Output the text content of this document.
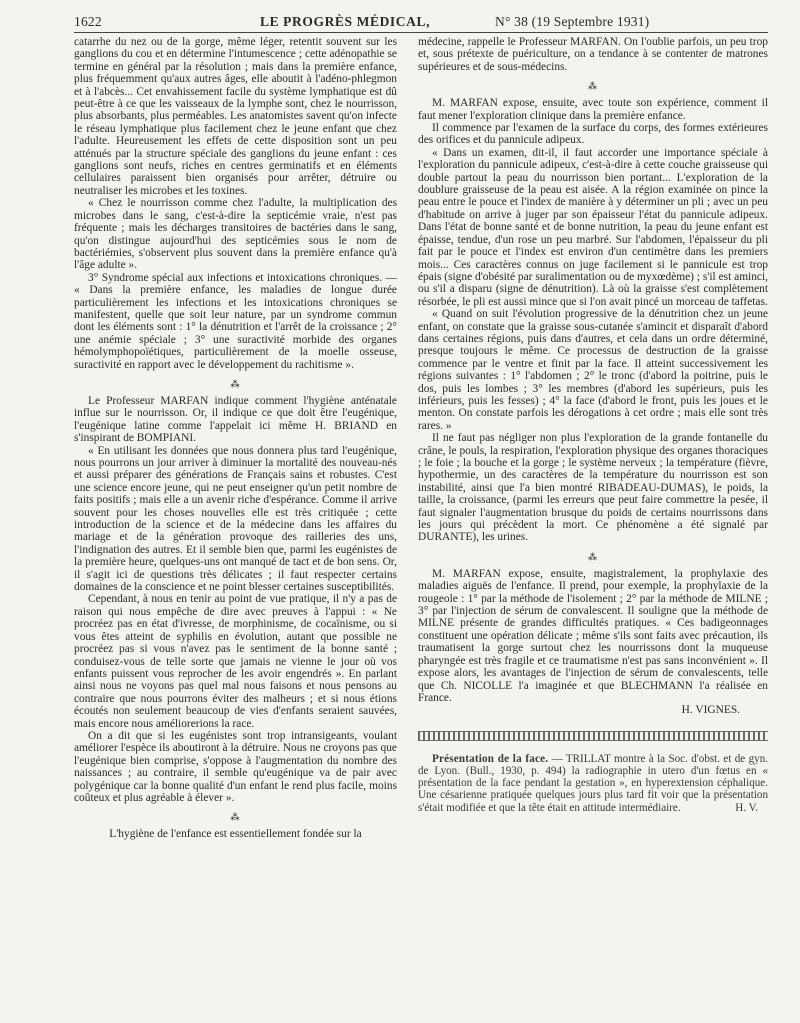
1622	LE PROGRÈS MÉDICAL,	N° 38 (19 Septembre 1931)

catarrhe du nez ou de la gorge, même léger, retentit souvent sur les ganglions du cou et en détermine l'intumescence ; cette adénopathie se termine en général par la résolution ; mais dans la première enfance, plus fréquemment qu'aux autres âges, elle aboutit à l'adéno-phlegmon et à l'abcès... Cet envahissement facile du système lymphatique est dû peut-être à ce que les vaisseaux de la lymphe sont, chez le nourrisson, plus absorbants, plus perméables. Les anatomistes savent qu'on infecte le réseau lymphatique plus facilement chez le jeune enfant que chez l'adulte. Heureusement les effets de cette disposition sont un peu atténués par la structure spéciale des ganglions du jeune enfant : ces ganglions sont neufs, riches en centres germinatifs et en éléments cellulaires paraissent bien organisés pour arrêter, détruire ou neutraliser les microbes et les toxines.

« Chez le nourrisson comme chez l'adulte, la multiplication des microbes dans le sang, c'est-à-dire la septicémie vraie, n'est pas fréquente ; mais les décharges transitoires de bactéries dans le sang, qu'on distingue aujourd'hui des septicémies sous le nom de bactériémies, s'observent plus souvent dans la première enfance qu'à l'âge adulte ».

3° Syndrome spécial aux infections et intoxications chroniques. — « Dans la première enfance, les maladies de longue durée particulièrement les infections et les intoxications chroniques se manifestent, quelle que soit leur nature, par un syndrome commun dont les éléments sont : 1° la dénutrition et l'arrêt de la croissance ; 2° une anémie spéciale ; 3° une suractivité morbide des organes hémolymphopoïétiques, particulièrement de la moelle osseuse, suractivité en rapport avec le développement du rachitisme ».

⁂

Le Professeur MARFAN indique comment l'hygiène anténatale influe sur le nourrisson. Or, il indique ce que doit être l'eugénique, l'eugénique latine comme l'appelait ici même H. BRIAND en s'inspirant de BOMPIANI.

« En utilisant les données que nous donnera plus tard l'eugénique, nous pourrons un jour arriver à diminuer la mortalité des nouveau-nés et aussi préparer des générations de Français sains et robustes. C'est une science encore jeune, qui ne peut enseigner qu'un petit nombre de faits positifs ; mais elle a un avenir riche d'espérance. Comme il arrive souvent pour les choses nouvelles elle est très critiquée ; cette introduction de la science et de la médecine dans les affaires du mariage et de la génération provoque des railleries des uns, l'indignation des autres. Et il semble bien que, parmi les eugénistes de la première heure, quelques-uns ont manqué de tact et de bon sens. Or, il s'agit ici de questions très délicates ; il faut respecter certains domaines de la conscience et ne point blesser certaines susceptibilités.

Cependant, à nous en tenir au point de vue pratique, il n'y a pas de raison qui nous empêche de dire avec preuves à l'appui : « Ne procréez pas en état d'ivresse, de morphinisme, de cocaïnisme, ou si vous êtes atteint de syphilis en évolution, autant que possible ne procréez pas si vous n'avez pas le sentiment de la bonne santé ; conduisez-vous de telle sorte que jamais ne vienne le jour où vos enfants puissent vous reprocher de les avoir engendrés ». En parlant ainsi nous ne voyons pas quel mal nous faisons et nous pensons au contraire que nous pourrons éviter des malheurs ; et si nous étions écoutés non seulement beaucoup de vies d'enfants seraient sauvées, mais encore nous améliorerions la race.

On a dit que si les eugénistes sont trop intransigeants, voulant améliorer l'espèce ils aboutiront à la détruire. Nous ne croyons pas que l'eugénique bien comprise, s'oppose à l'augmentation du nombre des naissances ; au contraire, il semble qu'eugénique va de pair avec polygénique car la bonne qualité d'un enfant le rend plus facile, moins coûteux et plus agréable à élever ».

⁂

L'hygiène de l'enfance est essentiellement fondée sur la

médecine, rappelle le Professeur MARFAN. On l'oublie parfois, un peu trop et, sous prétexte de puériculture, on a tendance à se contenter de matrones supérieures et de sous-médecins.

⁂

M. MARFAN expose, ensuite, avec toute son expérience, comment il faut mener l'exploration clinique dans la première enfance.

Il commence par l'examen de la surface du corps, des formes extérieures des orifices et du pannicule adipeux.

« Dans un examen, dit-il, il faut accorder une importance spéciale à l'exploration du pannicule adipeux, c'est-à-dire à cette couche graisseuse qui double partout la peau du nourrisson bien portant... L'exploration de la doublure graisseuse de la peau est aisée. A la région examinée on pince la peau entre le pouce et l'index de manière à y déterminer un pli ; avec un peu d'habitude on arrive à juger par son épaisseur l'état du pannicule adipeux. Dans l'état de bonne santé et de bonne nutrition, la peau du jeune enfant est épaisse, tendue, d'un rose un peu marbré. Sur l'abdomen, l'épaisseur du pli fait par le pouce et l'index est environ d'un centimètre dans les premiers mois... Ces caractères connus on juge facilement si le pannicule est trop épais (signe d'obésité par suralimentation ou de myxœdème) ; s'il est aminci, ou s'il a disparu (signe de dénutrition). Là où la graisse s'est complètement résorbée, le pli est aussi mince que si l'on avait pincé un morceau de taffetas.

« Quand on suit l'évolution progressive de la dénutrition chez un jeune enfant, on constate que la graisse sous-cutanée s'amincit et disparaît d'abord dans certaines régions, puis dans d'autres, et cela dans un ordre déterminé, presque toujours le même. Ce processus de destruction de la graisse commence par le ventre et finit par la face. Il atteint successivement les régions suivantes : 1° l'abdomen ; 2° le tronc (d'abord la poitrine, puis le dos, puis les lombes ; 3° les membres (d'abord les supérieurs, puis les inférieurs, puis les fesses) ; 4° la face (d'abord le front, puis les joues et le menton. On constate parfois les dérogations à cet ordre ; mais elle sont très rares. »

Il ne faut pas négliger non plus l'exploration de la grande fontanelle du crâne, le pouls, la respiration, l'exploration physique des organes thoraciques ; le foie ; la bouche et la gorge ; le système nerveux ; la température (fièvre, hypothermie, un des caractères de la température du nourrisson est son instabilité, ainsi que l'a bien montré RIBADEAU-DUMAS), le poids, la taille, la croissance, (parmi les erreurs que peut faire commettre la pesée, il faut signaler l'augmentation brusque du poids de certains nourrissons dans les jours qui précèdent la mort. Ce phénomène a été signalé par DURANTE), les urines.

⁂

M. MARFAN expose, ensuite, magistralement, la prophylaxie des maladies aiguës de l'enfance. Il prend, pour exemple, la prophylaxie de la rougeole : 1° par la méthode de l'isolement ; 2° par la méthode de MILNE ; 3° par l'injection de sérum de convalescent. Il souligne que la méthode de MILNE présente de grandes difficultés pratiques. « Ces badigeonnages constituent une opération délicate ; même s'ils sont faits avec précaution, ils traumatisent la gorge surtout chez les nourrissons dont la muqueuse pharyngée est très fragile et ce traumatisme n'est pas sans inconvénient ». Il expose alors, les avantages de l'injection de sérum de convalescents, telle que Ch. NICOLLE l'a imaginée et que BLECHMANN l'a réalisée en France.

H. VIGNES.
Présentation de la face. — TRILLAT montre à la Soc. d'obst. et de gyn. de Lyon. (Bull., 1930, p. 494) la radiographie in utero d'un fœtus en « présentation de la face pendant la gestation », en hyperextension céphalique. Une césarienne pratiquée quelques jours plus tard fit voir que la présentation s'était modifiée et que la tête était en attitude intermédiaire.	H. V.
